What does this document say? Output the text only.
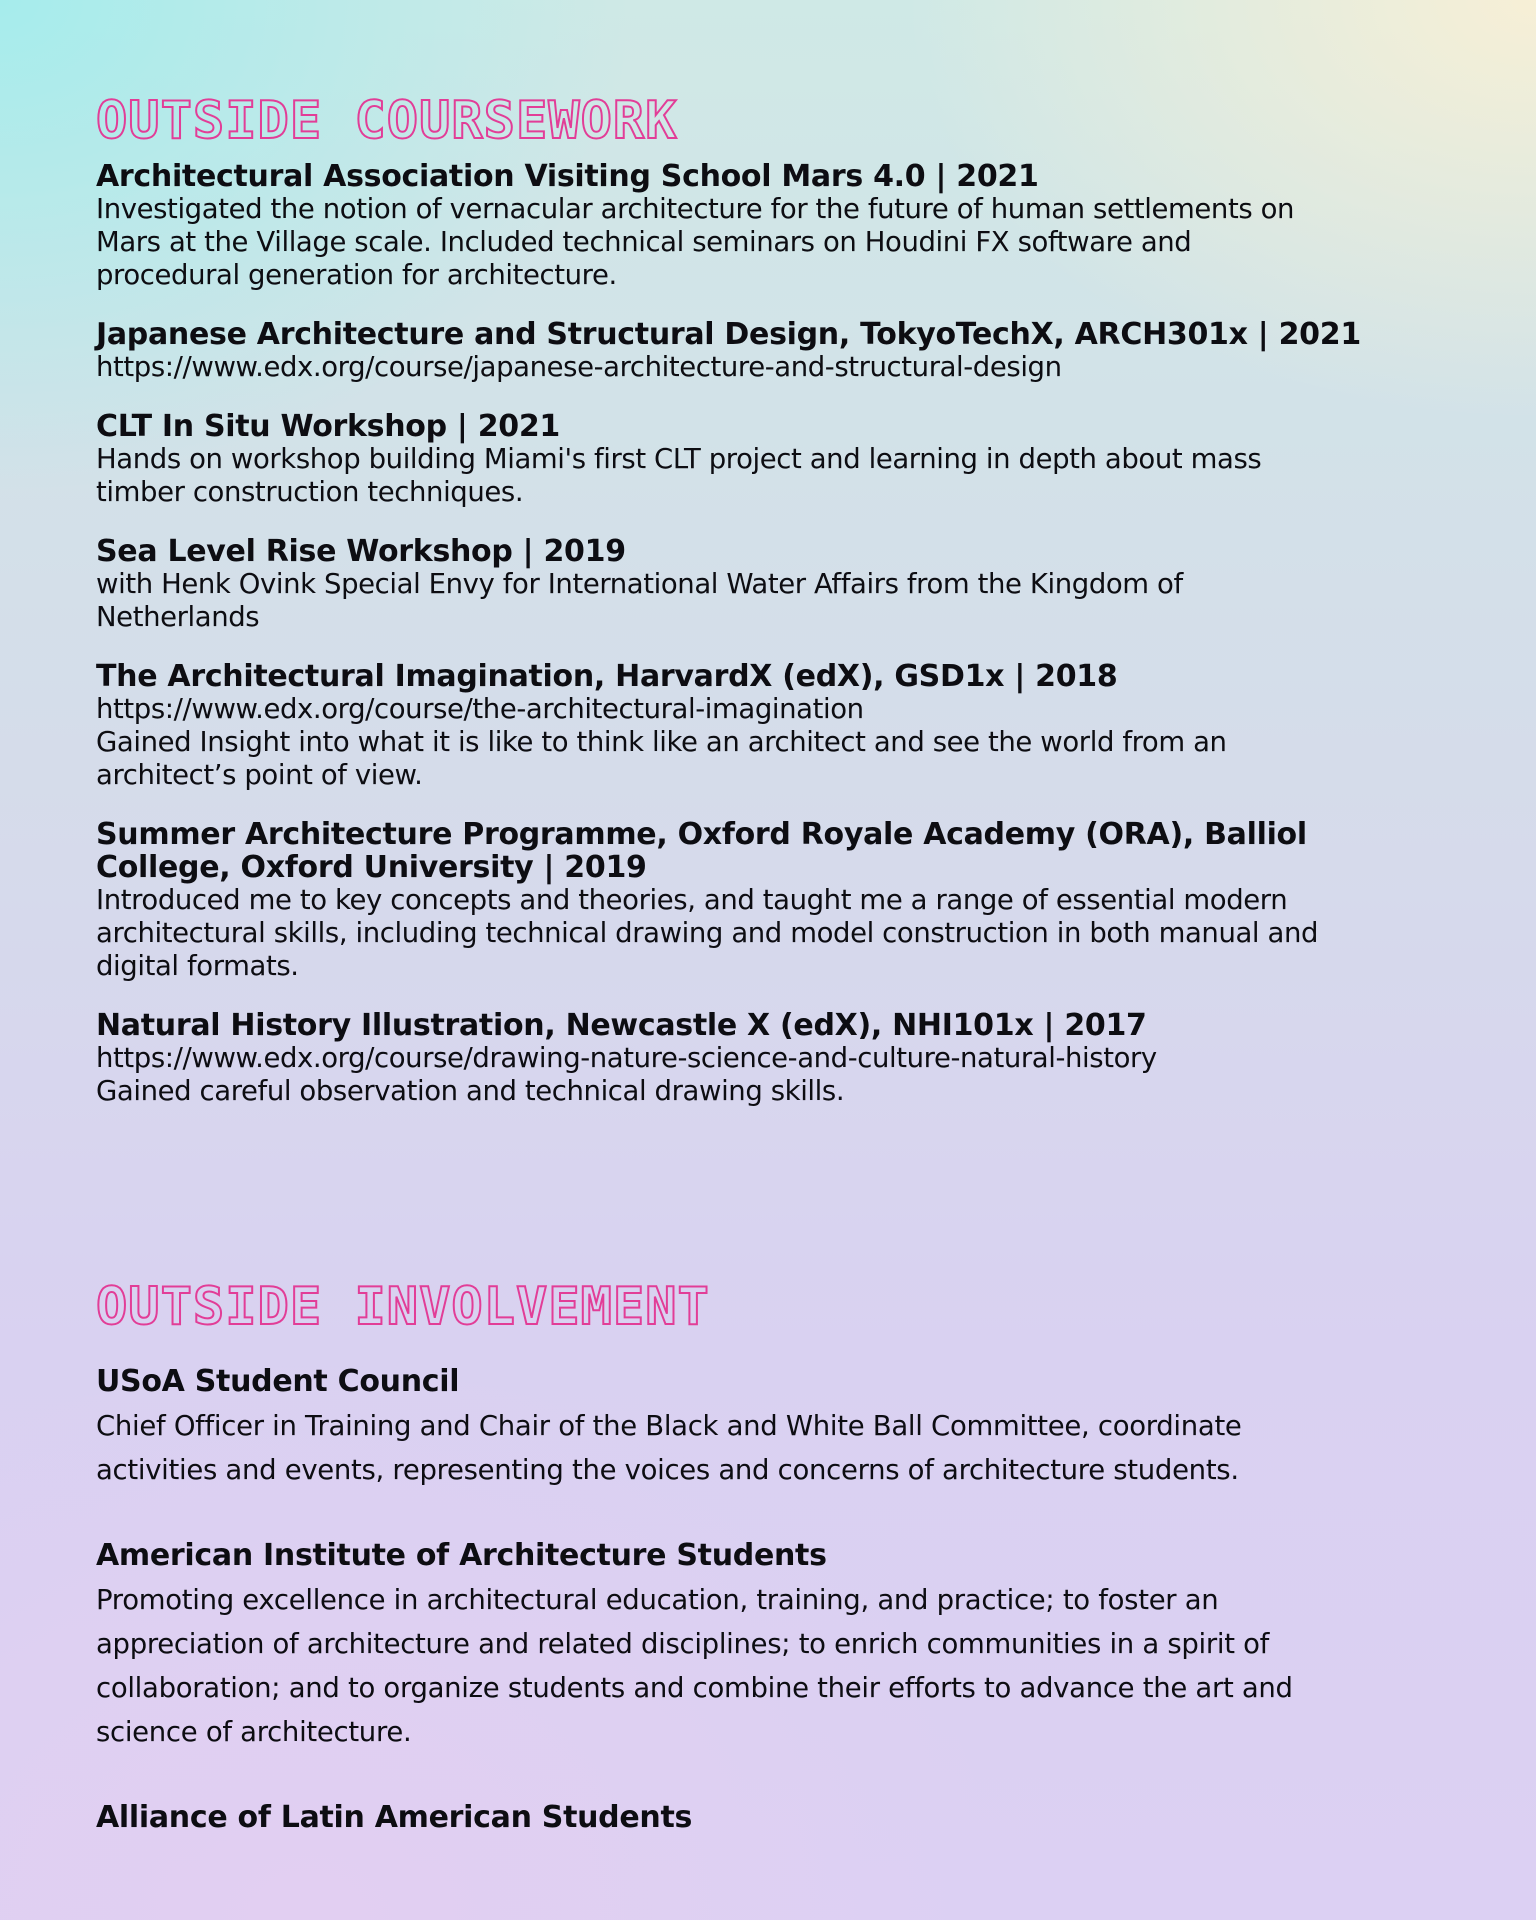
OUTSIDE COURSEWORK
Architectural Association Visiting School Mars 4.0 | 2021
Investigated the notion of vernacular architecture for the future of human settlements on
Mars at the Village scale. Included technical seminars on Houdini FX software and
procedural generation for architecture.
Japanese Architecture and Structural Design, TokyoTechX, ARCH301x | 2021
https://www.edx.org/course/japanese-architecture-and-structural-design
CLT In Situ Workshop | 2021
Hands on workshop building Miami's first CLT project and learning in depth about mass
timber construction techniques.
Sea Level Rise Workshop | 2019
with Henk Ovink Special Envy for International Water Affairs from the Kingdom of
Netherlands
The Architectural Imagination, HarvardX (edX), GSD1x | 2018
https://www.edx.org/course/the-architectural-imagination
Gained Insight into what it is like to think like an architect and see the world from an
architect’s point of view.
Summer Architecture Programme, Oxford Royale Academy (ORA), Balliol
College, Oxford University | 2019
Introduced me to key concepts and theories, and taught me a range of essential modern
architectural skills, including technical drawing and model construction in both manual and
digital formats.
Natural History Illustration, Newcastle X (edX), NHI101x | 2017
https://www.edx.org/course/drawing-nature-science-and-culture-natural-history
Gained careful observation and technical drawing skills.
OUTSIDE INVOLVEMENT
USoA Student Council
Chief Officer in Training and Chair of the Black and White Ball Committee, coordinate
activities and events, representing the voices and concerns of architecture students.
American Institute of Architecture Students
Promoting excellence in architectural education, training, and practice; to foster an
appreciation of architecture and related disciplines; to enrich communities in a spirit of
collaboration; and to organize students and combine their efforts to advance the art and
science of architecture.
Alliance of Latin American Students
